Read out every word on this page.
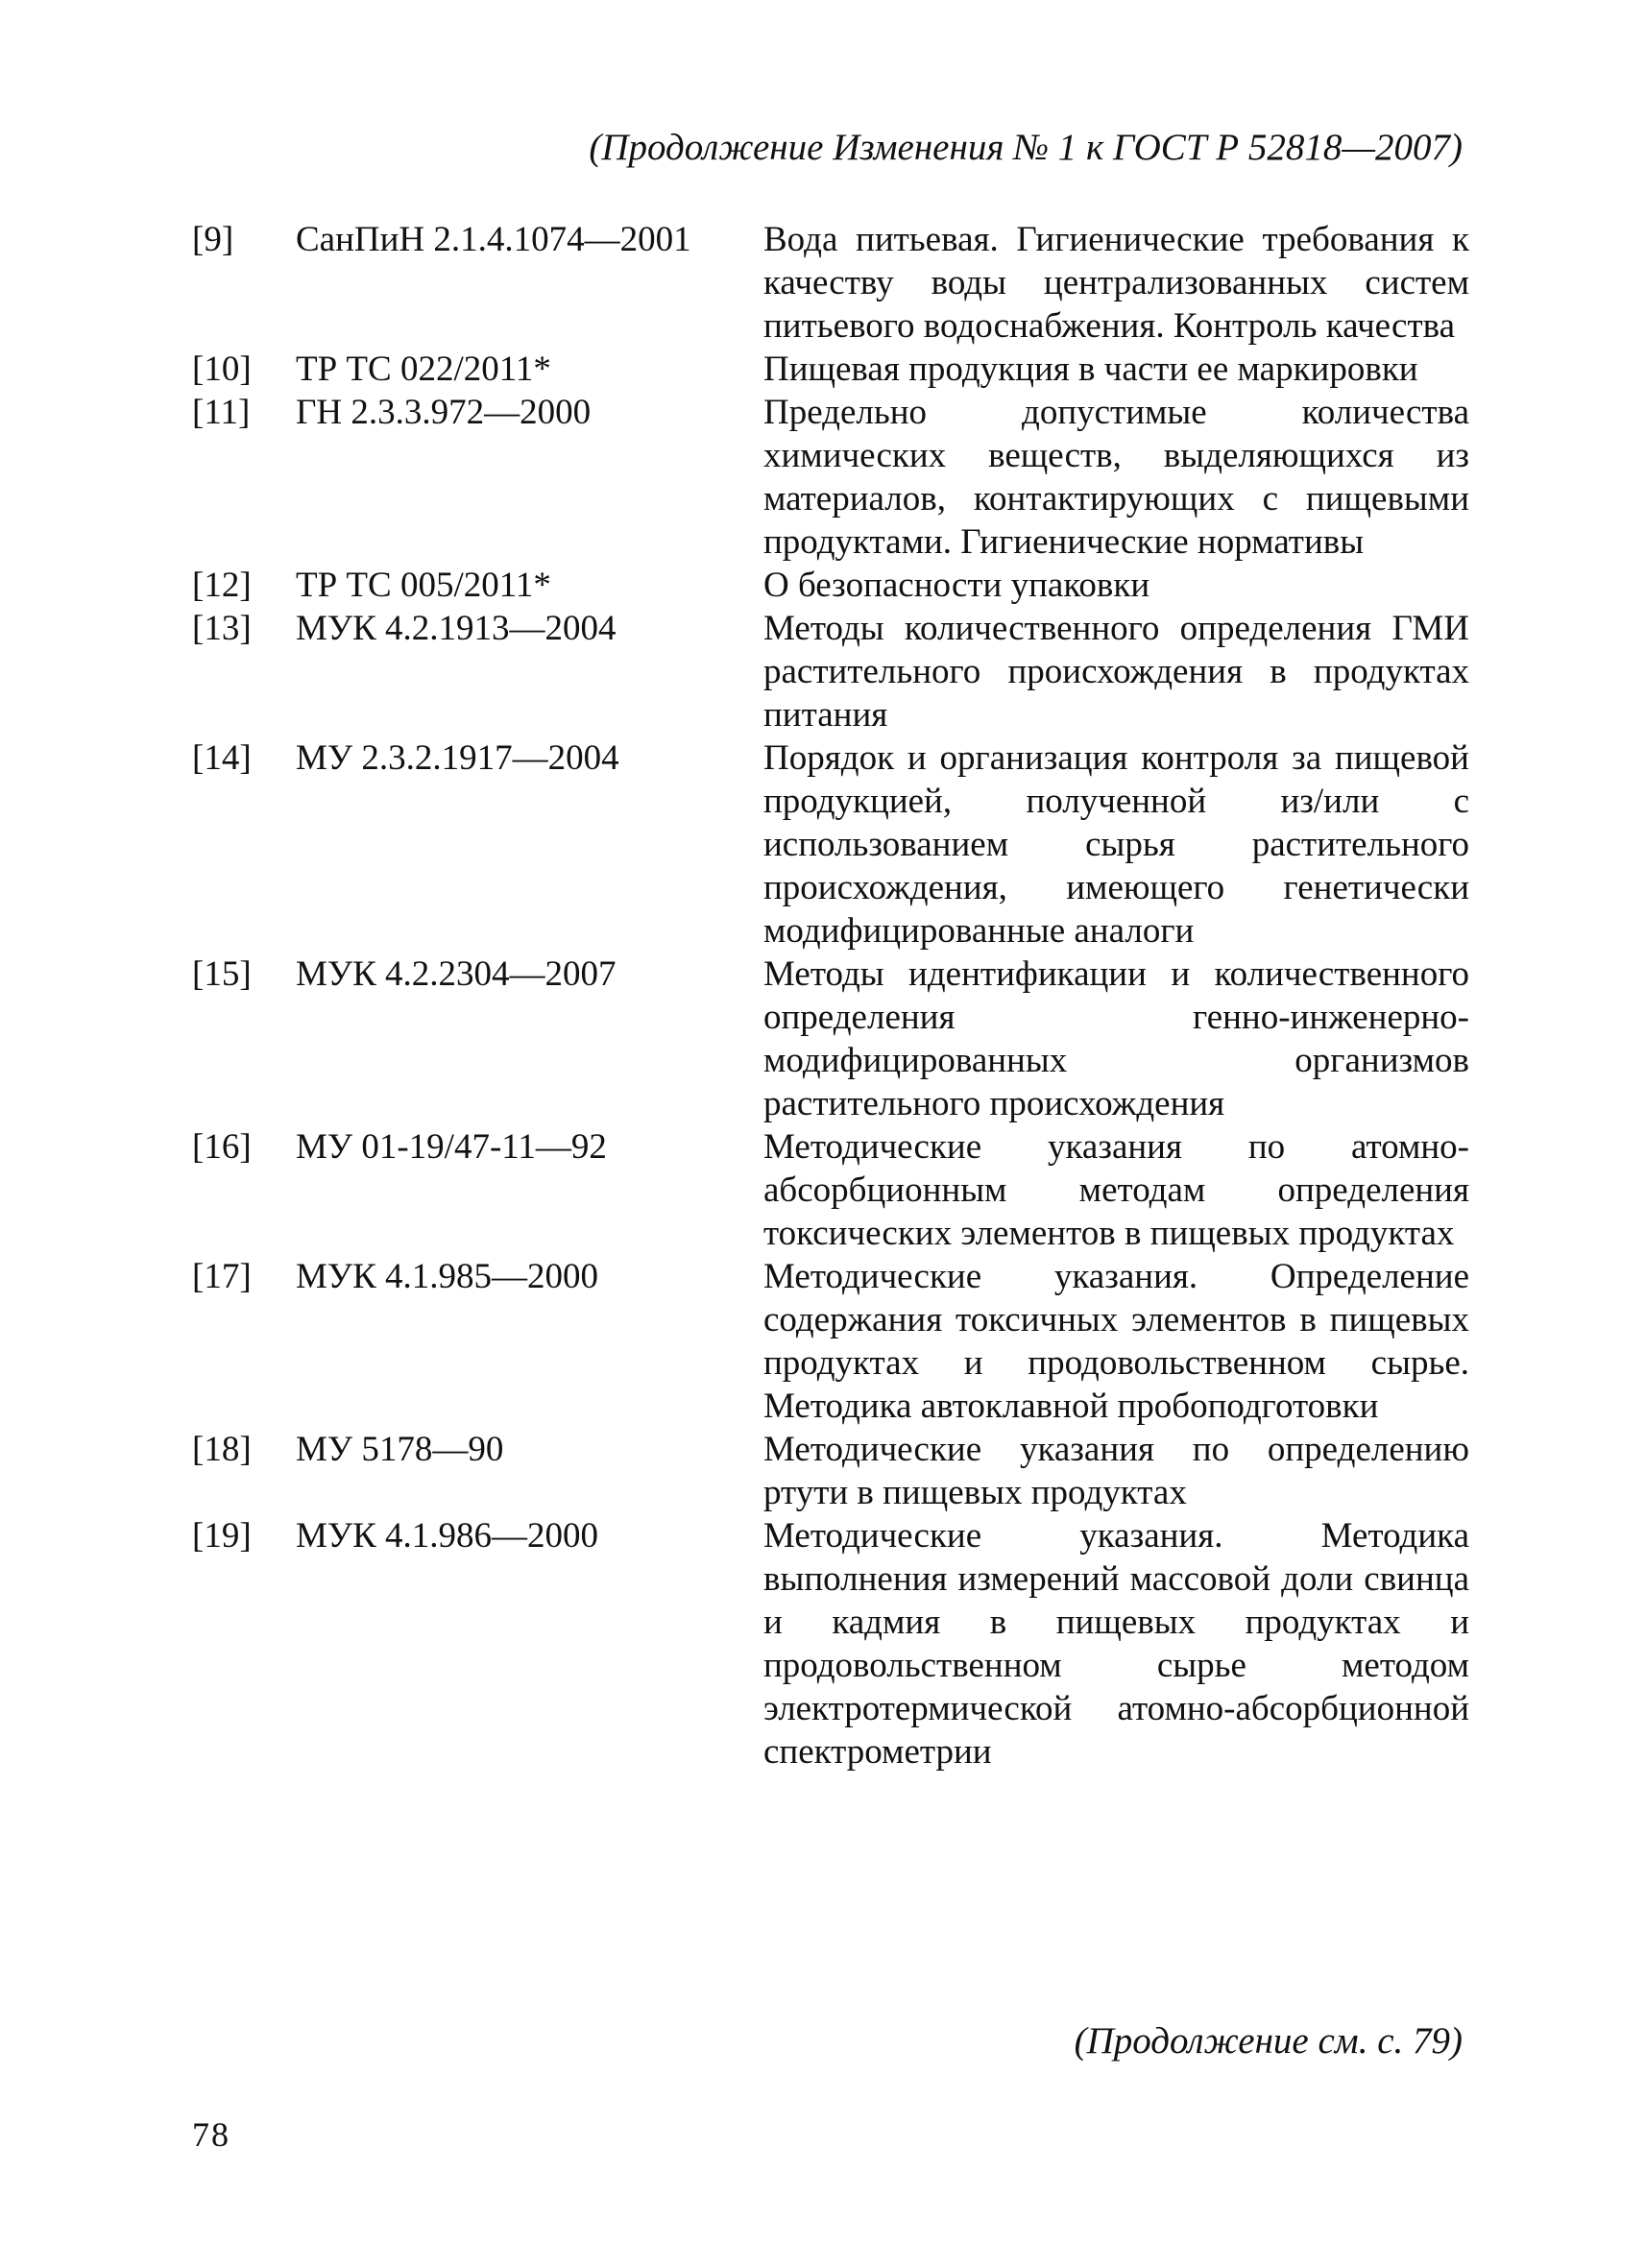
(Продолжение Изменения № 1 к ГОСТ Р 52818—2007)
[9]	СанПиН 2.1.4.1074—2001	Вода питьевая. Гигиенические требования к качеству воды централизованных систем питьевого водоснабжения. Контроль качества
[10]	ТР ТС 022/2011*	Пищевая продукция в части ее маркировки
[11]	ГН 2.3.3.972—2000	Предельно допустимые количества химических веществ, выделяющихся из материалов, контактирующих с пищевыми продуктами. Гигиенические нормативы
[12]	ТР ТС 005/2011*	О безопасности упаковки
[13]	МУК 4.2.1913—2004	Методы количественного определения ГМИ растительного происхождения в продуктах питания
[14]	МУ 2.3.2.1917—2004	Порядок и организация контроля за пищевой продукцией, полученной из/или с использованием сырья растительного происхождения, имеющего генетически модифицированные аналоги
[15]	МУК 4.2.2304—2007	Методы идентификации и количественного определения генно-инженерно-модифицированных организмов растительного происхождения
[16]	МУ 01-19/47-11—92	Методические указания по атомно-абсорбционным методам определения токсических элементов в пищевых продуктах
[17]	МУК 4.1.985—2000	Методические указания. Определение содержания токсичных элементов в пищевых продуктах и продовольственном сырье. Методика автоклавной пробоподготовки
[18]	МУ 5178—90	Методические указания по определению ртути в пищевых продуктах
[19]	МУК 4.1.986—2000	Методические указания. Методика выполнения измерений массовой доли свинца и кадмия в пищевых продуктах и продовольственном сырье методом электротермической атомно-абсорбционной спектрометрии
(Продолжение см. с. 79)
78
